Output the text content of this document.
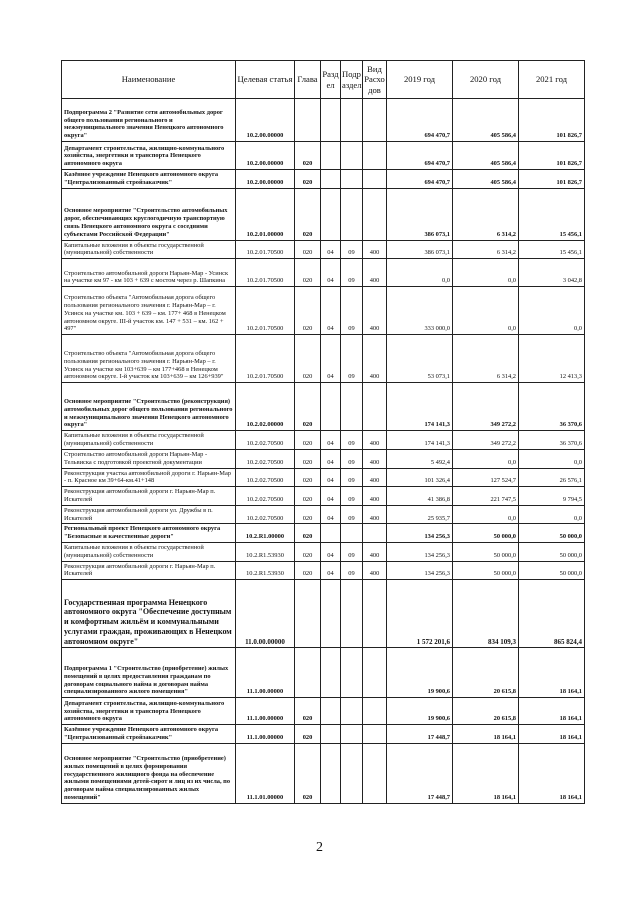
Наименование	Целевая статья	Глава	Разд ел	Подр аздел	Вид Расхо дов	2019 год	2020 год	2021 год
Подпрограмма 2 "Развитие сети автомобильных дорог общего пользования регионального и межмуниципального значения Ненецкого автономного округа"	10.2.00.00000					694 470,7	405 586,4	101 826,7
Департамент строительства, жилищно-коммунального хозяйства, энергетики и транспорта Ненецкого автономного округа	10.2.00.00000	020				694 470,7	405 586,4	101 826,7
Казённое учреждение Ненецкого автономного округа "Централизованный стройзаказчик"	10.2.00.00000	020				694 470,7	405 586,4	101 826,7
Основное мероприятие "Строительство автомобильных дорог, обеспечивающих круглогодичную транспортную связь Ненецкого автономного округа с соседними субъектами Российской Федерации"	10.2.01.00000	020				386 073,1	6 314,2	15 456,1
Капитальные вложения в объекты государственной (муниципальной) собственности	10.2.01.70500	020	04	09	400	386 073,1	6 314,2	15 456,1
Строительство автомобильной дороги Нарьян-Мар - Усинск на участке км 97 - км 103 + 639 с мостом через р. Шапкина	10.2.01.70500	020	04	09	400	0,0	0,0	3 042,8
Строительство объекта "Автомобильная дорога общего пользования регионального значения г. Нарьян-Мар – г. Усинск на участке км. 103 + 639 – км. 177+ 468 в Ненецком автономном округе. III-й участок км. 147 + 531 – км. 162 + 497"	10.2.01.70500	020	04	09	400	333 000,0	0,0	0,0
Строительство объекта "Автомобильная дорога общего пользования регионального значения г. Нарьян-Мар – г. Усинск на участке км 103+639 – км 177+468 в Ненецком автономном округе. I-й участок км 103+639 – км 126+939"	10.2.01.70500	020	04	09	400	53 073,1	6 314,2	12 413,3
Основное мероприятие "Строительство (реконструкция) автомобильных дорог общего пользования регионального и межмуниципального значения Ненецкого автономного округа"	10.2.02.00000	020				174 141,3	349 272,2	36 370,6
Капитальные вложения в объекты государственной (муниципальной) собственности	10.2.02.70500	020	04	09	400	174 141,3	349 272,2	36 370,6
Строительство автомобильной дороги Нарьян-Мар - Тельвиска с подготовкой проектной документации	10.2.02.70500	020	04	09	400	5 492,4	0,0	0,0
Реконструкция участка автомобильной дороги г. Нарьян-Мар - п. Красное км 39+64-км.41+148	10.2.02.70500	020	04	09	400	101 326,4	127 524,7	26 576,1
Реконструкция автомобильной дороги г. Нарьян-Мар п. Искателей	10.2.02.70500	020	04	09	400	41 386,8	221 747,5	9 794,5
Реконструкция автомобильной дороги ул. Дружбы в п. Искателей	10.2.02.70500	020	04	09	400	25 935,7	0,0	0,0
Региональный проект Ненецкого автономного округа "Безопасные и качественные дороги"	10.2.R1.00000	020				134 256,3	50 000,0	50 000,0
Капитальные вложения в объекты государственной (муниципальной) собственности	10.2.R1.53930	020	04	09	400	134 256,3	50 000,0	50 000,0
Реконструкция автомобильной дороги г. Нарьян-Мар п. Искателей	10.2.R1.53930	020	04	09	400	134 256,3	50 000,0	50 000,0
Государственная программа Ненецкого автономного округа "Обеспечение доступным и комфортным жильём и коммунальными услугами граждан, проживающих в Ненецком автономном округе"	11.0.00.00000					1 572 201,6	834 109,3	865 824,4
Подпрограмма 1 "Строительство (приобретение) жилых помещений в целях предоставления гражданам по договорам социального найма и договорам найма специализированного жилого помещения"	11.1.00.00000					19 900,6	20 615,8	18 164,1
Департамент строительства, жилищно-коммунального хозяйства, энергетики и транспорта Ненецкого автономного округа	11.1.00.00000	020				19 900,6	20 615,8	18 164,1
Казённое учреждение Ненецкого автономного округа "Централизованный стройзаказчик"	11.1.00.00000	020				17 448,7	18 164,1	18 164,1
Основное мероприятие "Строительство (приобретение) жилых помещений в целях формирования государственного жилищного фонда на обеспечение жилыми помещениями детей-сирот и лиц из их числа, по договорам найма специализированных жилых помещений"	11.1.01.00000	020				17 448,7	18 164,1	18 164,1
2
